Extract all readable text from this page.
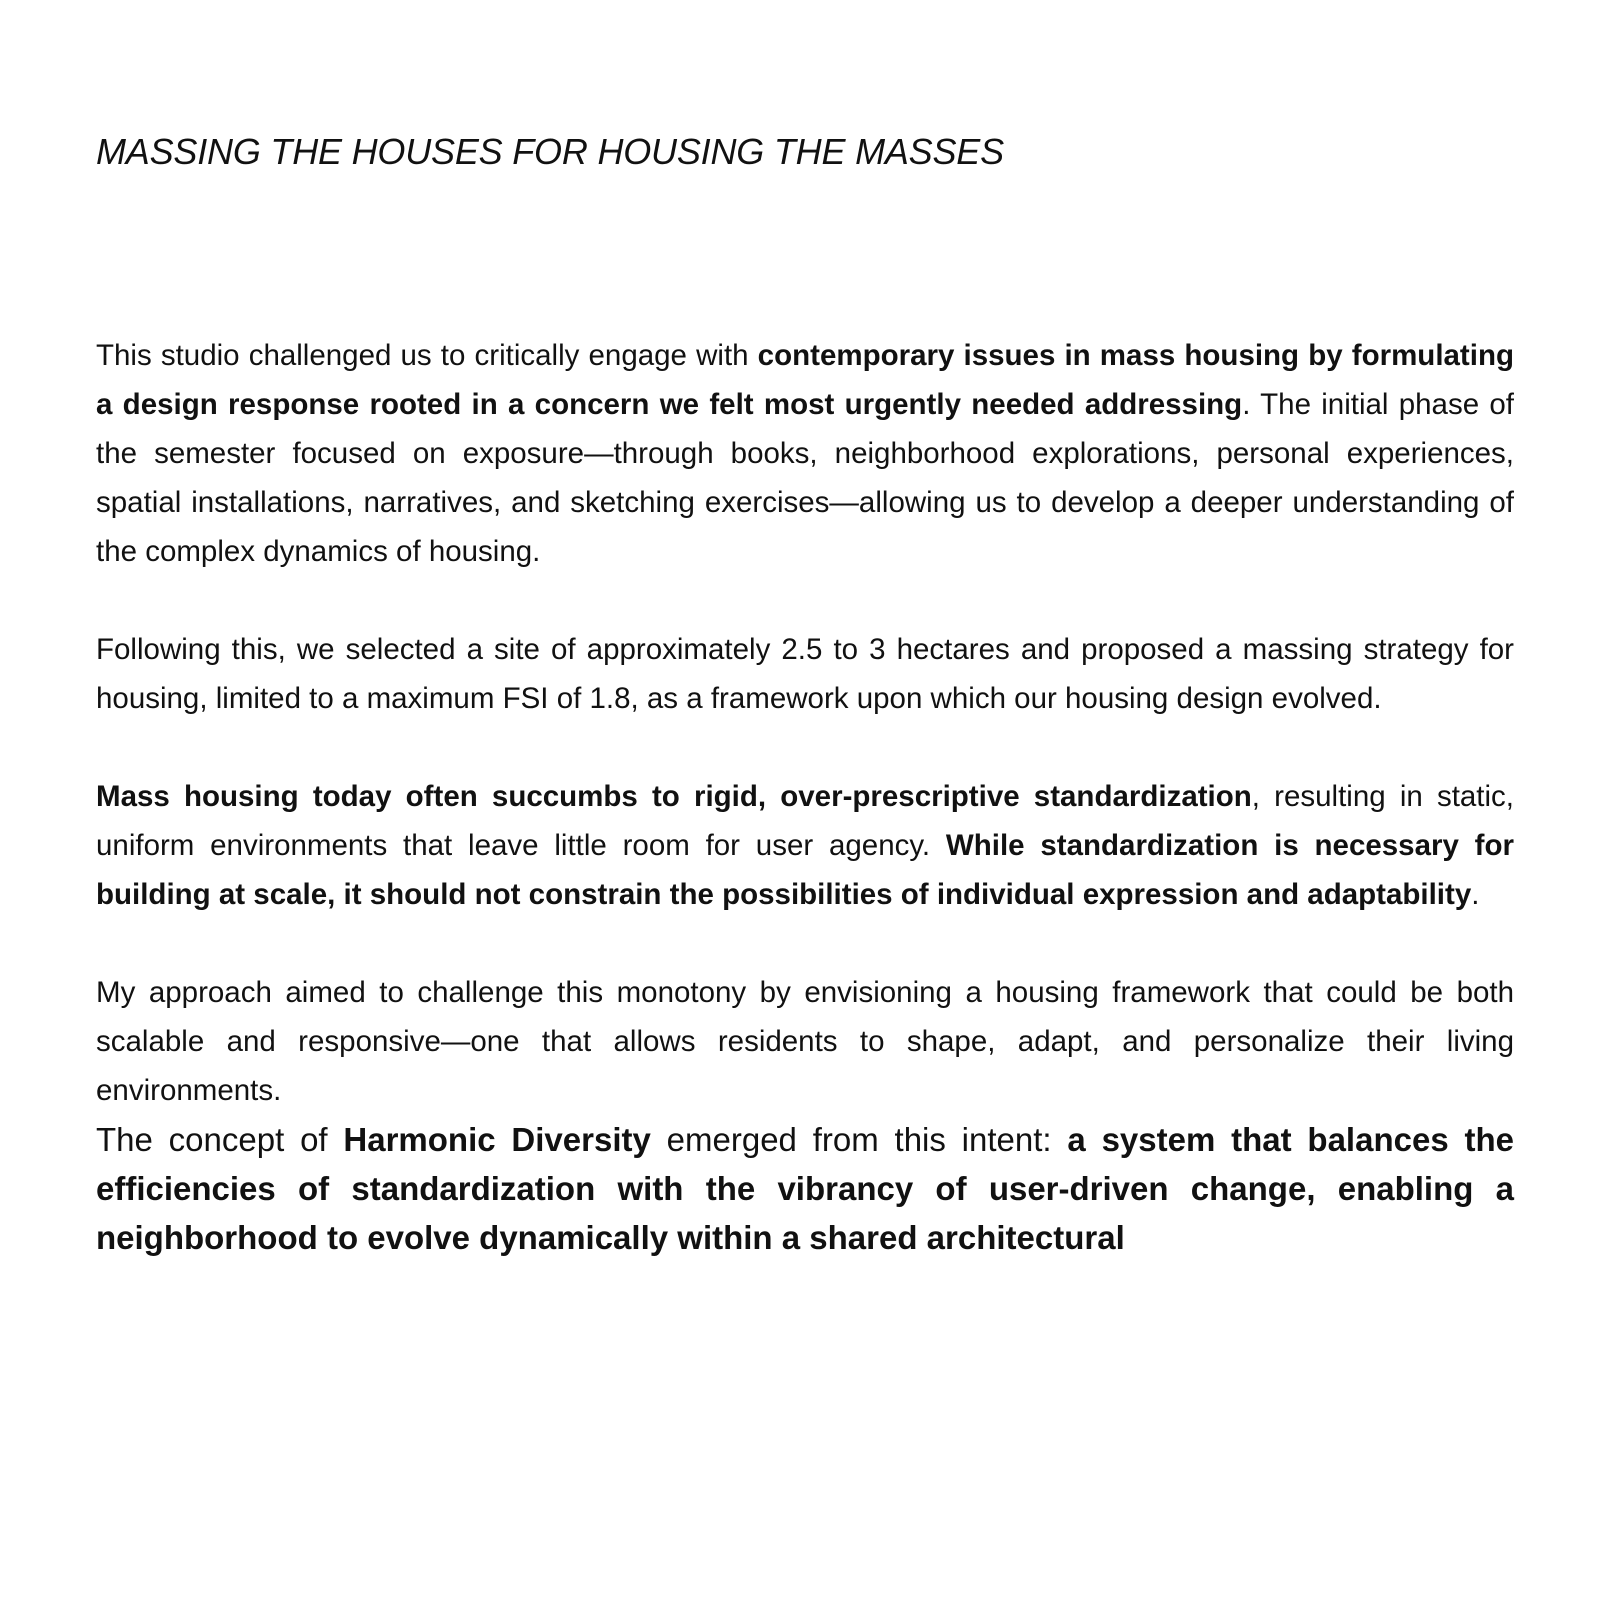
MASSING THE HOUSES FOR HOUSING THE MASSES

This studio challenged us to critically engage with contemporary issues in mass housing by formulating a design response rooted in a concern we felt most urgently needed addressing. The initial phase of the semester focused on exposure—through books, neighborhood explorations, personal experiences, spatial installations, narratives, and sketching exercises—allowing us to develop a deeper understanding of the complex dynamics of housing.

Following this, we selected a site of approximately 2.5 to 3 hectares and proposed a massing strategy for housing, limited to a maximum FSI of 1.8, as a framework upon which our housing design evolved.

Mass housing today often succumbs to rigid, over-prescriptive standardization, resulting in static, uniform environments that leave little room for user agency. While standardization is necessary for building at scale, it should not constrain the possibilities of individual expression and adaptability.

My approach aimed to challenge this monotony by envisioning a housing framework that could be both scalable and responsive—one that allows residents to shape, adapt, and personalize their living environments.

The concept of Harmonic Diversity emerged from this intent: a system that balances the efficiencies of standardization with the vibrancy of user-driven change, enabling a neighborhood to evolve dynamically within a shared architectural
